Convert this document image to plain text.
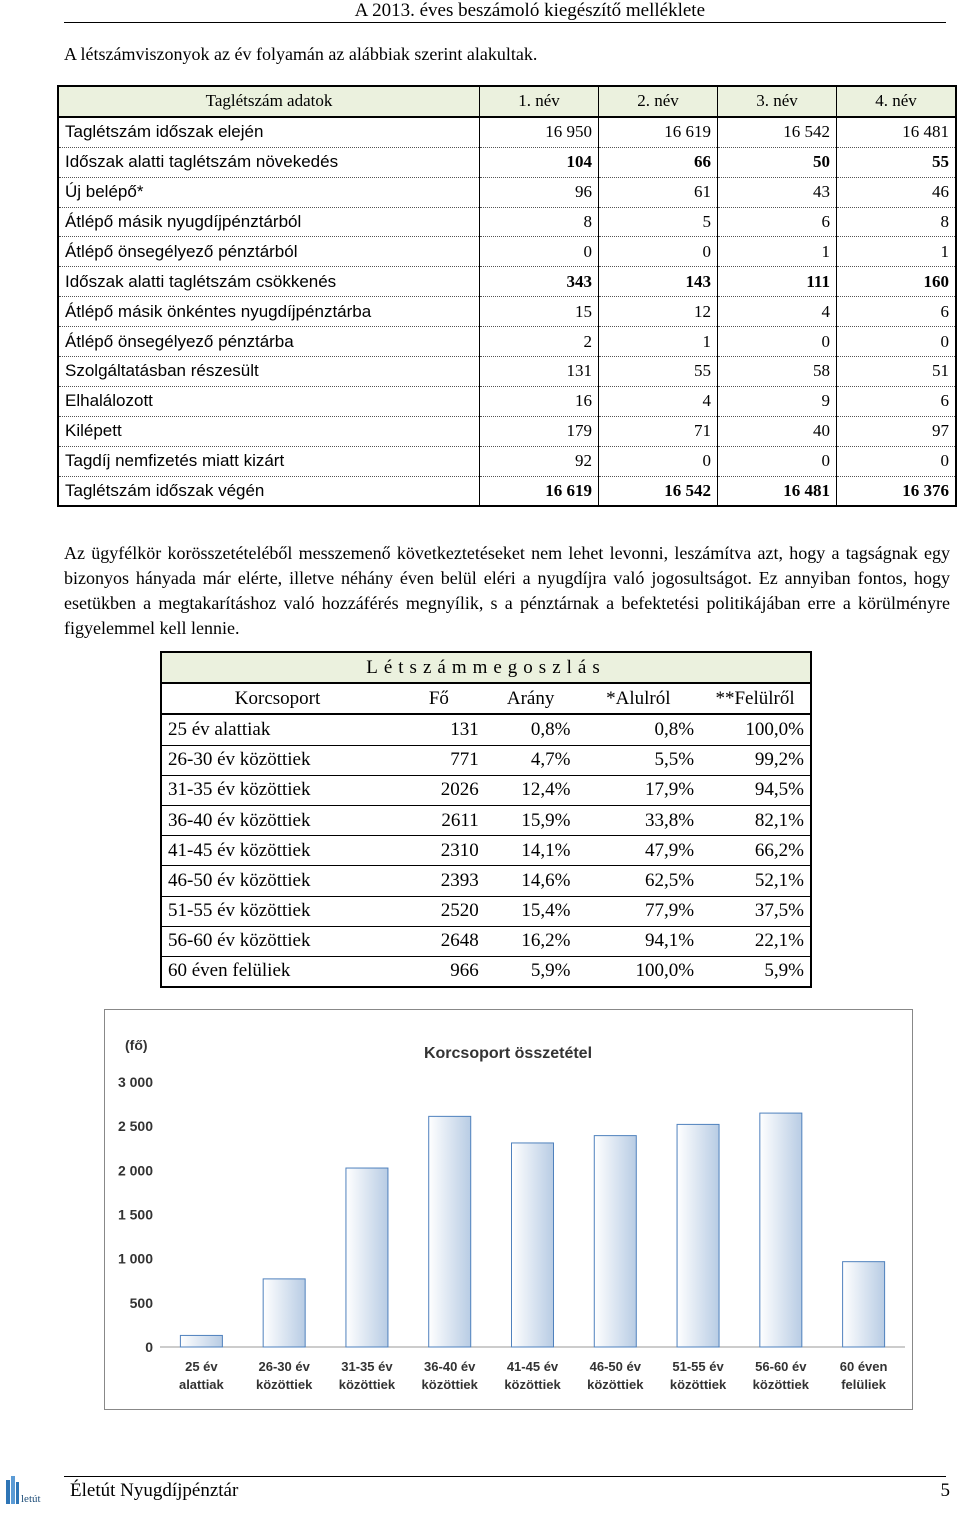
A 2013. éves beszámoló kiegészítő melléklete
A létszámviszonyok az év folyamán az alábbiak szerint alakultak.
Taglétszám adatok	1. név	2. név	3. név	4. név
Taglétszám időszak elején	16 950	16 619	16 542	16 481
Időszak alatti taglétszám növekedés	104	66	50	55
Új belépő*	96	61	43	46
Átlépő másik nyugdíjpénztárból	8	5	6	8
Átlépő önsegélyező pénztárból	0	0	1	1
Időszak alatti taglétszám csökkenés	343	143	111	160
Átlépő másik önkéntes nyugdíjpénztárba	15	12	4	6
Átlépő önsegélyező pénztárba	2	1	0	0
Szolgáltatásban részesült	131	55	58	51
Elhalálozott	16	4	9	6
Kilépett	179	71	40	97
Tagdíj nemfizetés miatt kizárt	92	0	0	0
Taglétszám időszak végén	16 619	16 542	16 481	16 376
Az ügyfélkör korösszetételéből messzemenő következtetéseket nem lehet levonni, leszámítva azt, hogy a tagságnak egy bizonyos hányada már elérte, illetve néhány éven belül eléri a nyugdíjra való jogosultságot. Ez annyiban fontos, hogy esetükben a megtakarításhoz való hozzáférés megnyílik, s a pénztárnak a befektetési politikájában erre a körülményre figyelemmel kell lennie.
Létszámmegoszlás				
Korcsoport	Fő	Arány	*Alulról	**Felülről
25 év alattiak	131	0,8%	0,8%	100,0%
26-30 év közöttiek	771	4,7%	5,5%	99,2%
31-35 év közöttiek	2026	12,4%	17,9%	94,5%
36-40 év közöttiek	2611	15,9%	33,8%	82,1%
41-45 év közöttiek	2310	14,1%	47,9%	66,2%
46-50 év közöttiek	2393	14,6%	62,5%	52,1%
51-55 év közöttiek	2520	15,4%	77,9%	37,5%
56-60 év közöttiek	2648	16,2%	94,1%	22,1%
60 éven felüliek	966	5,9%	100,0%	5,9%
Korcsoport összetétel
(fő)
0
500
1 000
1 500
2 000
2 500
3 000
25 év
alattiak
26-30 év
közöttiek
31-35 év
közöttiek
36-40 év
közöttiek
41-45 év
közöttiek
46-50 év
közöttiek
51-55 év
közöttiek
56-60 év
közöttiek
60 éven
felüliek
letút Életút Nyugdíjpénztár	5
